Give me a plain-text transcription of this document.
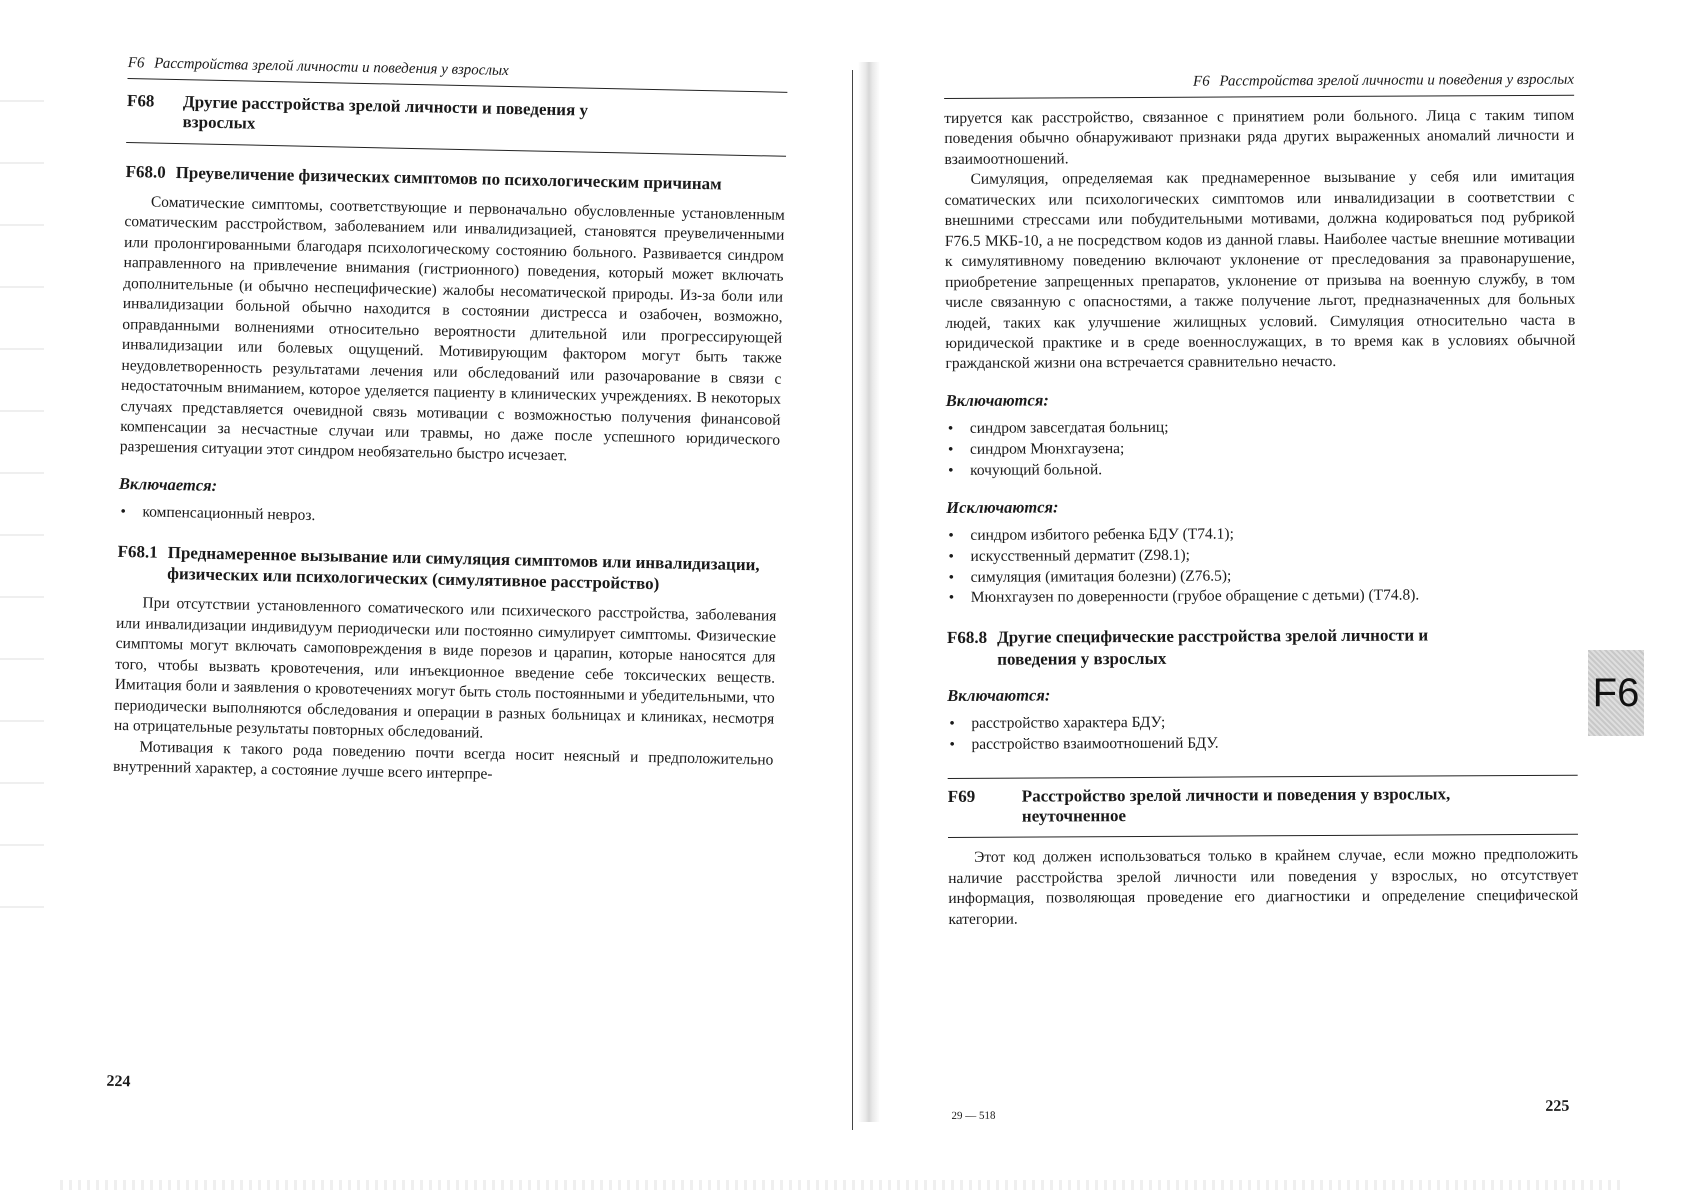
F6 Расстройства зрелой личности и поведения у взрослых
F68	Другие расстройства зрелой личности и поведения у взрослых
F68.0 Преувеличение физических симптомов по психологическим причинам

Соматические симптомы, соответствующие и первоначально обусловленные установленным соматическим расстройством, заболеванием или инвалидизацией, становятся преувеличенными или пролонгированными благодаря психологическому состоянию больного. Развивается синдром направленного на привлечение внимания (гистрионного) поведения, который может включать дополнительные (и обычно неспецифические) жалобы несоматической природы. Из-за боли или инвалидизации больной обычно находится в состоянии дистресса и озабочен, возможно, оправданными волнениями относительно вероятности длительной или прогрессирующей инвалидизации или болевых ощущений. Мотивирующим фактором могут быть также неудовлетворенность результатами лечения или обследований или разочарование в связи с недостаточным вниманием, которое уделяется пациенту в клинических учреждениях. В некоторых случаях представляется очевидной связь мотивации с возможностью получения финансовой компенсации за несчастные случаи или травмы, но даже после успешного юридического разрешения ситуации этот синдром необязательно быстро исчезает.

Включается:
• компенсационный невроз.
F68.1 Преднамеренное вызывание или симуляция симптомов или инвалидизации, физических или психологических (симулятивное расстройство)

При отсутствии установленного соматического или психического расстройства, заболевания или инвалидизации индивидуум периодически или постоянно симулирует симптомы. Физические симптомы могут включать самоповреждения в виде порезов и царапин, которые наносятся для того, чтобы вызвать кровотечения, или инъекционное введение себе токсических веществ. Имитация боли и заявления о кровотечениях могут быть столь постоянными и убедительными, что периодически выполняются обследования и операции в разных больницах и клиниках, несмотря на отрицательные результаты повторных обследований.

Мотивация к такого рода поведению почти всегда носит неясный и предположительно внутренний характер, а состояние лучше всего интерпре-

224
F6 Расстройства зрелой личности и поведения у взрослых

тируется как расстройство, связанное с принятием роли больного. Лица с таким типом поведения обычно обнаруживают признаки ряда других выраженных аномалий личности и взаимоотношений.

Симуляция, определяемая как преднамеренное вызывание у себя или имитация соматических или психологических симптомов или инвалидизации в соответствии с внешними стрессами или побудительными мотивами, должна кодироваться под рубрикой F76.5 МКБ-10, а не посредством кодов из данной главы. Наиболее частые внешние мотивации к симулятивному поведению включают уклонение от преследования за правонарушение, приобретение запрещенных препаратов, уклонение от призыва на военную службу, в том числе связанную с опасностями, а также получение льгот, предназначенных для больных людей, таких как улучшение жилищных условий. Симуляция относительно часта в юридической практике и в среде военнослужащих, в то время как в условиях обычной гражданской жизни она встречается сравнительно нечасто.

Включаются:
• синдром завсегдатая больниц;
• синдром Мюнхгаузена;
• кочующий больной.
Исключаются:
• синдром избитого ребенка БДУ (T74.1);
• искусственный дерматит (Z98.1);
• симуляция (имитация болезни) (Z76.5);
• Мюнхгаузен по доверенности (грубое обращение с детьми) (T74.8).
F68.8 Другие специфические расстройства зрелой личности и поведения у взрослых
Включаются:
• расстройство характера БДУ;
• расстройство взаимоотношений БДУ.
F69	Расстройство зрелой личности и поведения у взрослых, неуточненное

Этот код должен использоваться только в крайнем случае, если можно предположить наличие расстройства зрелой личности или поведения у взрослых, но отсутствует информация, позволяющая проведение его диагностики и определение специфической категории.

29 — 518
225
F6
